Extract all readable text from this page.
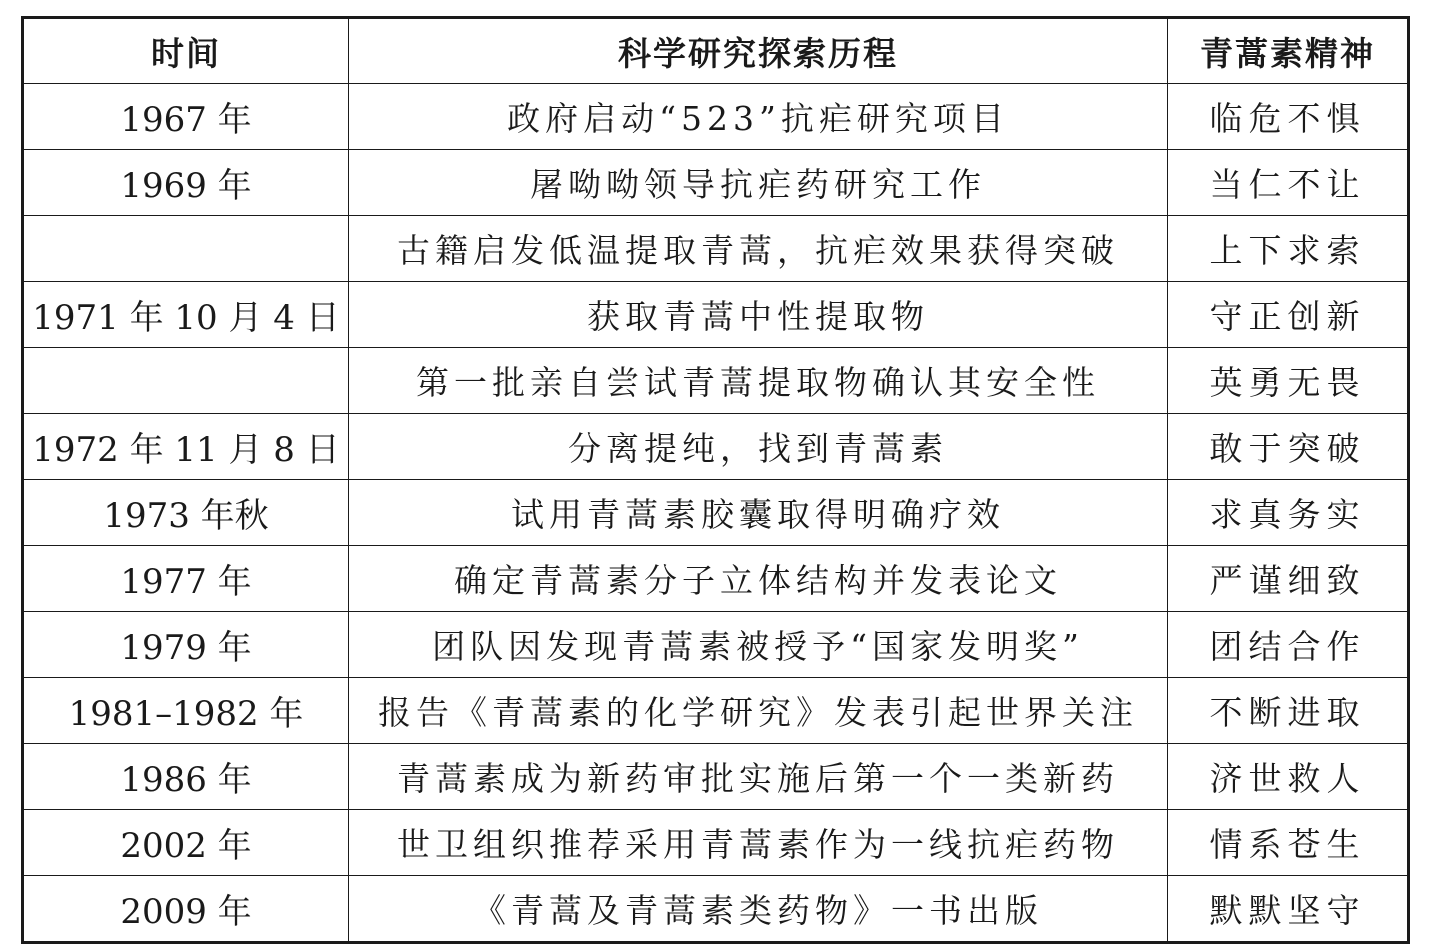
时间	科学研究探索历程	青蒿素精神
1967 年	政府启动“523”抗疟研究项目	临危不惧
1969 年	屠呦呦领导抗疟药研究工作	当仁不让
	古籍启发低温提取青蒿，抗疟效果获得突破	上下求索
1971 年 10 月 4 日	获取青蒿中性提取物	守正创新
	第一批亲自尝试青蒿提取物确认其安全性	英勇无畏
1972 年 11 月 8 日	分离提纯，找到青蒿素	敢于突破
1973 年秋	试用青蒿素胶囊取得明确疗效	求真务实
1977 年	确定青蒿素分子立体结构并发表论文	严谨细致
1979 年	团队因发现青蒿素被授予“国家发明奖”	团结合作
1981–1982 年	报告《青蒿素的化学研究》发表引起世界关注	不断进取
1986 年	青蒿素成为新药审批实施后第一个一类新药	济世救人
2002 年	世卫组织推荐采用青蒿素作为一线抗疟药物	情系苍生
2009 年	《青蒿及青蒿素类药物》一书出版	默默坚守
